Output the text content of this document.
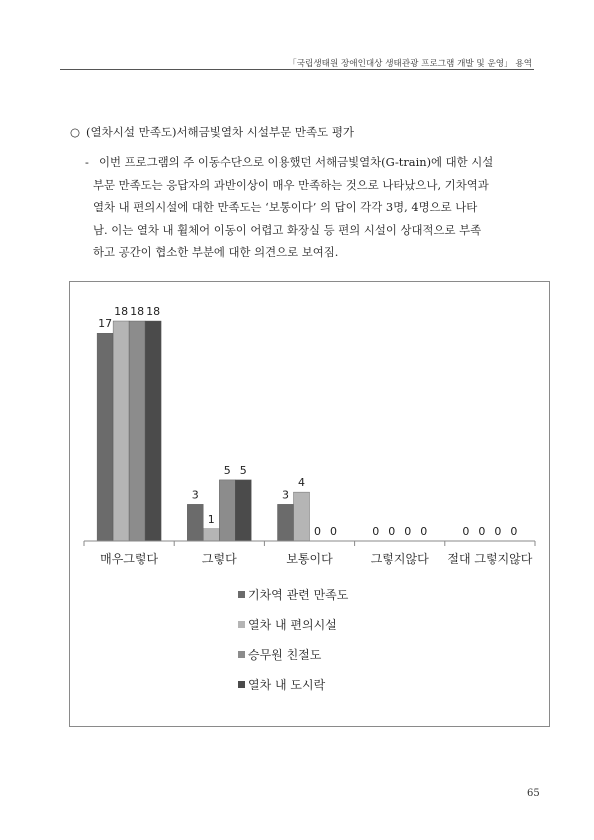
「국립생태원 장애인대상 생태관광 프로그램 개발 및 운영」 용역
○ (열차시설 만족도)서해금빛열차 시설부문 만족도 평가
- 이번 프로그램의 주 이동수단으로 이용했던 서해금빛열차(G-train)에 대한 시설
부문 만족도는 응답자의 과반이상이 매우 만족하는 것으로 나타났으나, 기차역과
열차 내 편의시설에 대한 만족도는 ‘보통이다’ 의 답이 각각 3명, 4명으로 나타
남. 이는 열차 내 휠체어 이동이 어렵고 화장실 등 편의 시설이 상대적으로 부족
하고 공간이 협소한 부분에 대한 의견으로 보여짐.
17
18 18 18
3
1
5 5
3
4
0 0	0 0 0 0	0 0 0 0
매우그렇다	그렇다	보통이다	그렇지않다 절대 그렇지않다
기차역 관련 만족도
열차 내 편의시설
승무원 친절도
열차 내 도시락
65
